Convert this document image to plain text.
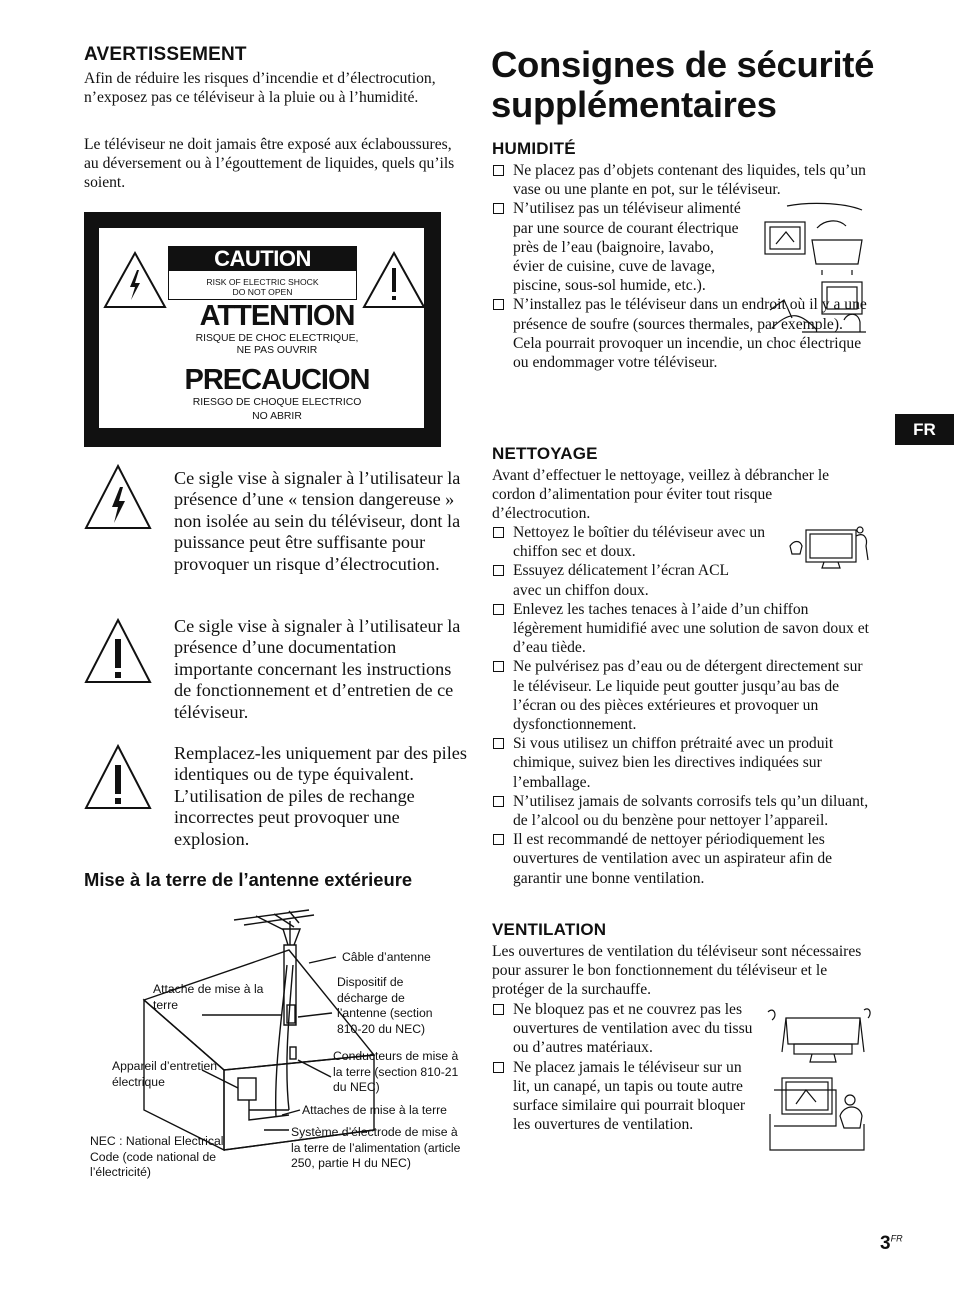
AVERTISSEMENT

Afin de réduire les risques d’incendie et d’électrocution, n’exposez pas ce téléviseur à la pluie ou à l’humidité.

Le téléviseur ne doit jamais être exposé aux éclaboussures, au déversement ou à l’égouttement de liquides, quels qu’ils soient.

CAUTION
RISK OF ELECTRIC SHOCK
DO NOT OPEN
ATTENTION
RISQUE DE CHOC ELECTRIQUE,
NE PAS OUVRIR
PRECAUCION
RIESGO DE CHOQUE ELECTRICO
NO ABRIR

Ce sigle vise à signaler à l’utilisateur la présence d’une « tension dangereuse » non isolée au sein du téléviseur, dont la puissance peut être suffisante pour provoquer un risque d’électrocution.

Ce sigle vise à signaler à l’utilisateur la présence d’une documentation importante concernant les instructions de fonctionnement et d’entretien de ce téléviseur.

Remplacez-les uniquement par des piles identiques ou de type équivalent. L’utilisation de piles de rechange incorrectes peut provoquer une explosion.

Mise à la terre de l’antenne extérieure
Câble d’antenne
Attache de mise à la terre
Dispositif de décharge de l’antenne (section 810-20 du NEC)
Appareil d’entretien électrique
Conducteurs de mise à la terre (section 810-21 du NEC)
Attaches de mise à la terre
Système d’électrode de mise à la terre de l’alimentation (article 250, partie H du NEC)
NEC : National Electrical Code (code national de l’électricité)
Consignes de sécurité
supplémentaires
HUMIDITÉ
Ne placez pas d’objets contenant des liquides, tels qu’un vase ou une plante en pot, sur le téléviseur.
N’utilisez pas un téléviseur alimenté par une source de courant électrique près de l’eau (baignoire, lavabo, évier de cuisine, cuve de lavage, piscine, sous-sol humide, etc.).
N’installez pas le téléviseur dans un endroit où il y a une présence de soufre (sources thermales, par exemple). Cela pourrait provoquer un incendie, un choc électrique ou endommager votre téléviseur.
NETTOYAGE

Avant d’effectuer le nettoyage, veillez à débrancher le cordon d’alimentation pour éviter tout risque d’électrocution.

Nettoyez le boîtier du téléviseur avec un chiffon sec et doux.
Essuyez délicatement l’écran ACL avec un chiffon doux.
Enlevez les taches tenaces à l’aide d’un chiffon légèrement humidifié avec une solution de savon doux et d’eau tiède.
Ne pulvérisez pas d’eau ou de détergent directement sur le téléviseur. Le liquide peut goutter jusqu’au bas de l’écran ou des pièces extérieures et provoquer un dysfonctionnement.
Si vous utilisez un chiffon prétraité avec un produit chimique, suivez bien les directives indiquées sur l’emballage.
N’utilisez jamais de solvants corrosifs tels qu’un diluant, de l’alcool ou du benzène pour nettoyer l’appareil.
Il est recommandé de nettoyer périodiquement les ouvertures de ventilation avec un aspirateur afin de garantir une bonne ventilation.
VENTILATION

Les ouvertures de ventilation du téléviseur sont nécessaires pour assurer le bon fonctionnement du téléviseur et le protéger de la surchauffe.

Ne bloquez pas et ne couvrez pas les ouvertures de ventilation avec du tissu ou d’autres matériaux.
Ne placez jamais le téléviseur sur un lit, un canapé, un tapis ou toute autre surface similaire qui pourrait bloquer les ouvertures de ventilation.
FR
$3^{FR}$
